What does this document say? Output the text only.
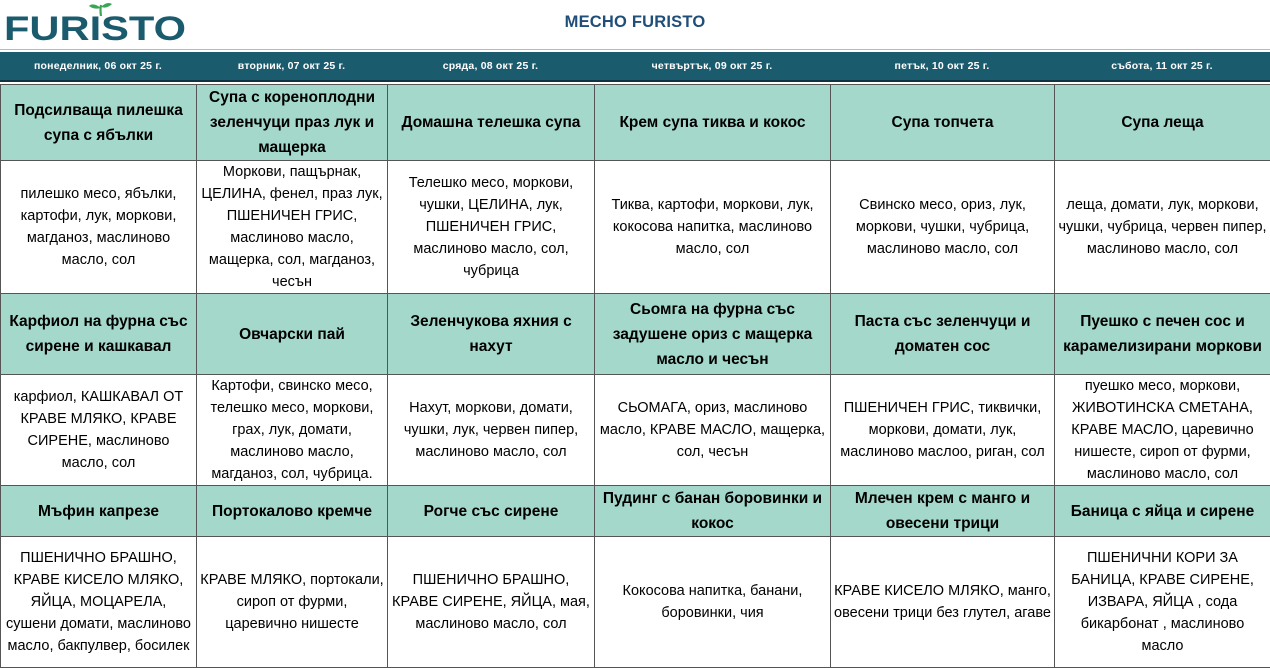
FURISTO	МЕСНО FURISTO
понеделник, 06 окт 25 г.	вторник, 07 окт 25 г.	сряда, 08 окт 25 г.	четвъртък, 09 окт 25 г.	петък, 10 окт 25 г.	събота, 11 окт 25 г.
Подсилваща пилешка супа с ябълки	Супа с кореноплодни зеленчуци праз лук и мащерка	Домашна телешка супа	Крем супа тиква и кокос	Супа топчета	Супа леща
пилешко месо, ябълки, картофи, лук, моркови, магданоз, маслиново масло, сол	Моркови, пащърнак, ЦЕЛИНА, фенел, праз лук, ПШЕНИЧЕН ГРИС, маслиново масло, мащерка, сол, магданоз, чесън	Телешко месо, моркови, чушки, ЦЕЛИНА, лук, ПШЕНИЧЕН ГРИС, маслиново масло, сол, чубрица	Тиква, картофи, моркови, лук, кокосова напитка, маслиново масло, сол	Свинско месо, ориз, лук, моркови, чушки, чубрица, маслиново масло, сол	леща, домати, лук, моркови, чушки, чубрица, червен пипер, маслиново масло, сол
Карфиол на фурна със сирене и кашкавал	Овчарски пай	Зеленчукова яхния с нахут	Сьомга на фурна със задушене ориз с мащерка масло и чесън	Паста със зеленчуци и доматен сос	Пуешко с печен сос и карамелизирани моркови
карфиол, КАШКАВАЛ ОТ КРАВЕ МЛЯКО, КРАВЕ СИРЕНЕ, маслиново масло, сол	Картофи, свинско месо, телешко месо, моркови, грах, лук, домати, маслиново масло, магданоз, сол, чубрица.	Нахут, моркови, домати, чушки, лук, червен пипер, маслиново масло, сол	СЬОМАГА, ориз, маслиново масло, КРАВЕ МАСЛО, мащерка, сол, чесън	ПШЕНИЧЕН ГРИС, тиквички, моркови, домати, лук, маслиново маслоо, риган, сол	пуешко месо, моркови, ЖИВОТИНСКА СМЕТАНА, КРАВЕ МАСЛО, царевично нишесте, сироп от фурми, маслиново масло, сол
Мъфин капрезе	Портокалово кремче	Рогче със сирене	Пудинг с банан боровинки и кокос	Млечен крем с манго и овесени трици	Баница с яйца и сирене
ПШЕНИЧНО БРАШНО, КРАВЕ КИСЕЛО МЛЯКО, ЯЙЦА, МОЦАРЕЛА, сушени домати, маслиново масло, бакпулвер, босилек	КРАВЕ МЛЯКО, портокали, сироп от фурми, царевично нишесте	ПШЕНИЧНО БРАШНО, КРАВЕ СИРЕНЕ, ЯЙЦА, мая, маслиново масло, сол	Кокосова напитка, банани, боровинки, чия	КРАВЕ КИСЕЛО МЛЯКО, манго, овесени трици без глутел, агаве	ПШЕНИЧНИ КОРИ ЗА БАНИЦА, КРАВЕ СИРЕНЕ, ИЗВАРА, ЯЙЦА , сода бикарбонат , маслиново масло
